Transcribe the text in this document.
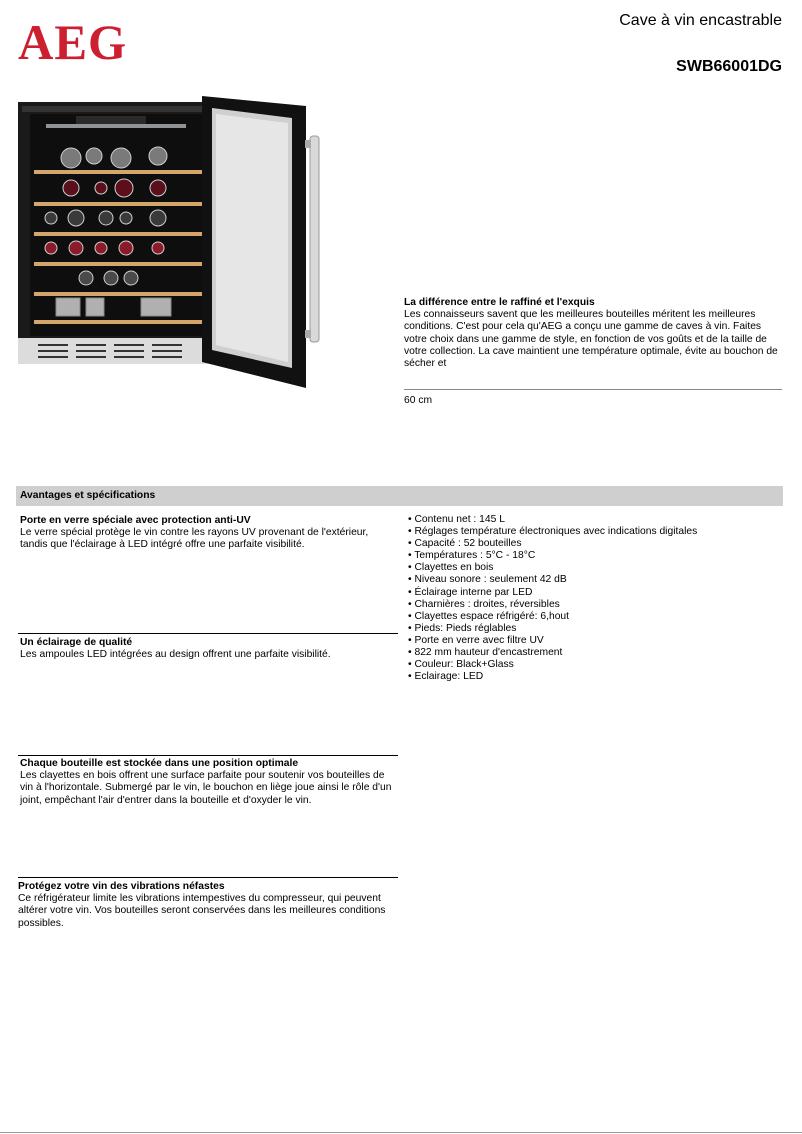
AEG	Cave à vin encastrable
SWB66001DG
La différence entre le raffiné et l'exquis
Les connaisseurs savent que les meilleures bouteilles méritent les meilleures conditions. C'est pour cela qu'AEG a conçu une gamme de caves à vin. Faites votre choix dans une gamme de style, en fonction de vos goûts et de la taille de votre collection. La cave maintient une température optimale, évite au bouchon de sécher et
60 cm
Avantages et spécifications
Porte en verre spéciale avec protection anti-UV
Le verre spécial protège le vin contre les rayons UV provenant de l'extérieur, tandis que l'éclairage à LED intégré offre une parfaite visibilité.
Un éclairage de qualité
Les ampoules LED intégrées au design offrent une parfaite visibilité.
Chaque bouteille est stockée dans une position optimale
Les clayettes en bois offrent une surface parfaite pour soutenir vos bouteilles de vin à l'horizontale. Submergé par le vin, le bouchon en liège joue ainsi le rôle d'un joint, empêchant l'air d'entrer dans la bouteille et d'oxyder le vin.
Protégez votre vin des vibrations néfastes
Ce réfrigérateur limite les vibrations intempestives du compresseur, qui peuvent altérer votre vin. Vos bouteilles seront conservées dans les meilleures conditions possibles.
• Contenu net : 145 L
• Réglages température électroniques avec indications digitales
• Capacité : 52 bouteilles
• Températures : 5°C - 18°C
• Clayettes en bois
• Niveau sonore : seulement 42 dB
• Éclairage interne par LED
• Charnières : droites, réversibles
• Clayettes espace réfrigéré: 6,hout
• Pieds: Pieds réglables
• Porte en verre avec filtre UV
• 822 mm hauteur d'encastrement
• Couleur: Black+Glass
• Eclairage: LED
